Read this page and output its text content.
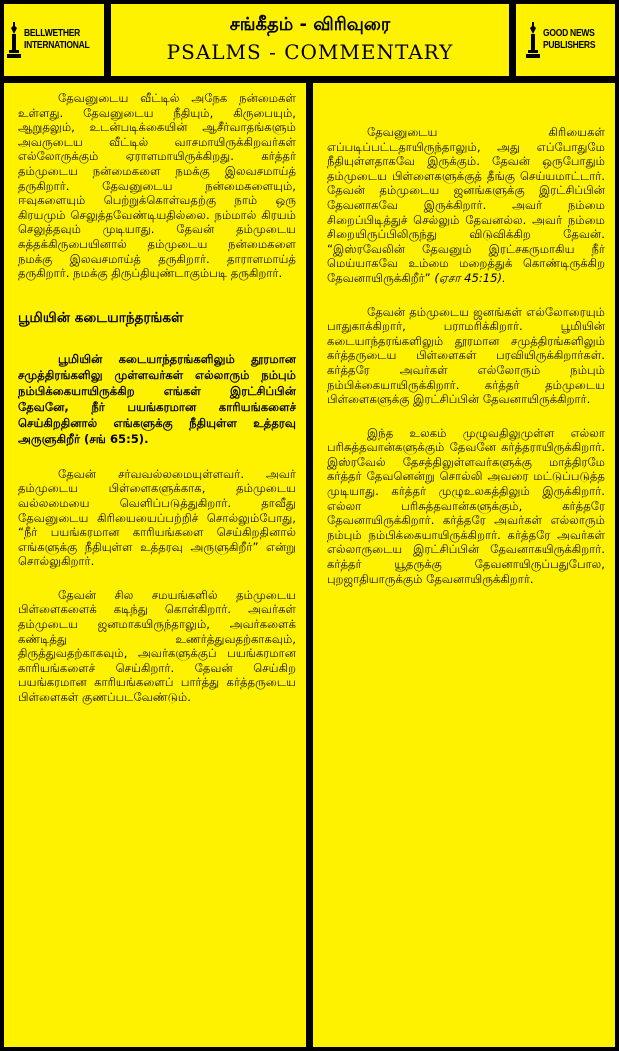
BELLWETHER
INTERNATIONAL
சங்கீதம் - விரிவுரை
PSALMS - COMMENTARY
GOOD NEWS
PUBLISHERS

தேவனுடைய வீட்டில் அநேக நன்மைகள் உள்ளது. தேவனுடைய நீதியும், கிருபையும், ஆறுதலும், உடன்படிக்கையின் ஆசீர்வாதங்களும் அவருடைய வீட்டில் வாசமாயிருக்கிறவர்கள் எல்லோருக்கும் ஏராளமாயிருக்கிறது. கர்த்தர் தம்முடைய நன்மைகளை நமக்கு இலவசமாய்த் தருகிறார். தேவனுடைய நன்மைகளையும், ஈவுகளையும் பெற்றுக்கொள்வதற்கு நாம் ஒரு கிரயமும் செலுத்தவேண்டியதில்லை. நம்மால் கிரயம் செலுத்தவும் முடியாது. தேவன் தம்முடைய சுத்தக்கிருபையினால் தம்முடைய நன்மைகளை நமக்கு இலவசமாய்த் தருகிறார். தாராளமாய்த் தருகிறார். நமக்கு திருப்தியுண்டாகும்படி தருகிறார்.

பூமியின் கடையாந்தரங்கள்

பூமியின் கடையாந்தரங்களிலும் தூரமான சமுத்திரங்களிலு முள்ளவர்கள் எல்லாரும் நம்பும் நம்பிக்கையாயிருக்கிற எங்கள் இரட்சிப்பின் தேவனே, நீர் பயங்கரமான காரியங்களைச் செய்கிறதினால் எங்களுக்கு நீதியுள்ள உத்தரவு அருளுகிறீர் (சங் 65:5).

தேவன் சர்வவல்லமையுள்ளவர். அவர் தம்முடைய பிள்ளைகளுக்காக, தம்முடைய வல்லமையை வெளிப்படுத்துகிறார். தாவீது தேவனுடைய கிரியையைப்பற்றிச் சொல்லும்போது, “நீர் பயங்கரமான காரியங்களை செய்கிறதினால் எங்களுக்கு நீதியுள்ள உத்தரவு அருளுகிறீர்” என்று சொல்லுகிறார்.

தேவன் சில சமயங்களில் தம்முடைய பிள்ளைகளைக் கடிந்து கொள்கிறார். அவர்கள் தம்முடைய ஜனமாகயிருந்தாலும், அவர்களைக் கண்டித்து உணர்த்துவதற்காகவும், திருத்துவதற்காகவும், அவர்களுக்குப் பயங்கரமான காரியங்களைச் செய்கிறார். தேவன் செய்கிற பயங்கரமான காரியங்களைப் பார்த்து கர்த்தருடைய பிள்ளைகள் குணப்படவேண்டும்.

தேவனுடைய கிரியைகள் எப்படிப்பட்டதாயிருந்தாலும், அது எப்போதுமே நீதியுள்ளதாகவே இருக்கும். தேவன் ஒருபோதும் தம்முடைய பிள்ளைகளுக்குத் தீங்கு செய்யமாட்டார். தேவன் தம்முடைய ஜனங்களுக்கு இரட்சிப்பின் தேவனாகவே இருக்கிறார். அவர் நம்மை சிறைப்பிடித்துச் செல்லும் தேவனல்ல. அவர் நம்மை சிறையிருப்பிலிருந்து விடுவிக்கிற தேவன். “இஸ்ரவேலின் தேவனும் இரட்சகருமாகிய நீர் மெய்யாகவே உம்மை மறைத்துக் கொண்டிருக்கிற தேவனாயிருக்கிறீர்” (ஏசா 45:15).

தேவன் தம்முடைய ஜனங்கள் எல்லோரையும் பாதுகாக்கிறார், பராமரிக்கிறார். பூமியின் கடையாந்தரங்களிலும் தூரமான சமுத்திரங்களிலும் கர்த்தருடைய பிள்ளைகள் பரவியிருக்கிறார்கள். கர்த்தரே அவர்கள் எல்லோரும் நம்பும் நம்பிக்கையாயிருக்கிறார். கர்த்தர் தம்முடைய பிள்ளைகளுக்கு இரட்சிப்பின் தேவனாயிருக்கிறார்.

இந்த உலகம் முழுவதிலுமுள்ள எல்லா பரிசுத்தவான்களுக்கும் தேவனே கர்த்தராயிருக்கிறார். இஸ்ரவேல் தேசத்திலுள்ளவர்களுக்கு மாத்திரமே கர்த்தர் தேவனென்று சொல்லி அவரை மட்டுப்படுத்த முடியாது. கர்த்தர் முழுஉலகத்திலும் இருக்கிறார். எல்லா பரிசுத்தவான்களுக்கும், கர்த்தரே தேவனாயிருக்கிறார். கர்த்தரே அவர்கள் எல்லாரும் நம்பும் நம்பிக்கையாயிருக்கிறார். கர்த்தரே அவர்கள் எல்லாருடைய இரட்சிப்பின் தேவனாகயிருக்கிறார். கர்த்தர் யூதருக்கு தேவனாயிருப்பதுபோல, புறஜாதியாருக்கும் தேவனாயிருக்கிறார்.
